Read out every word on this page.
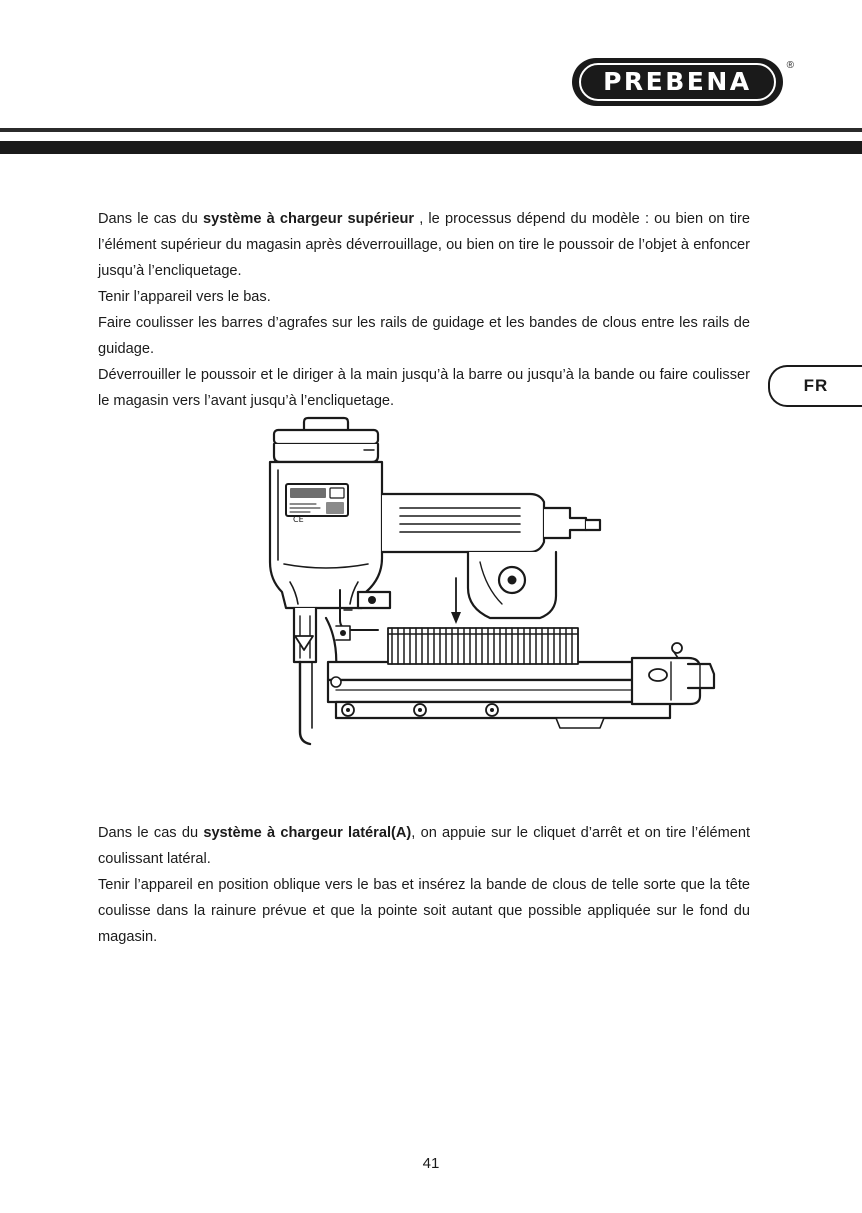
PREBENA
®
FR
Dans le cas du système à chargeur supérieur , le processus dépend du modèle : ou bien on tire l’élément supérieur du magasin après déverrouillage, ou bien on tire le poussoir de l’objet à enfoncer jusqu’à l’encliquetage.
Tenir l’appareil vers le bas.
Faire coulisser les barres d’agrafes sur les rails de guidage et les bandes de clous entre les rails de guidage.
Déverrouiller le poussoir et le diriger à la main jusqu’à la barre ou jusqu’à la bande ou faire coulisser le magasin vers l’avant jusqu’à l’encliquetage.
CE
Dans le cas du système à chargeur latéral(A), on appuie sur le cliquet d’arrêt et on tire l’élément coulissant latéral.
Tenir l’appareil en position oblique vers le bas et insérez la bande de clous de telle sorte que la tête coulisse dans la rainure prévue et que la pointe soit autant que possible appliquée sur le fond du magasin.
41
